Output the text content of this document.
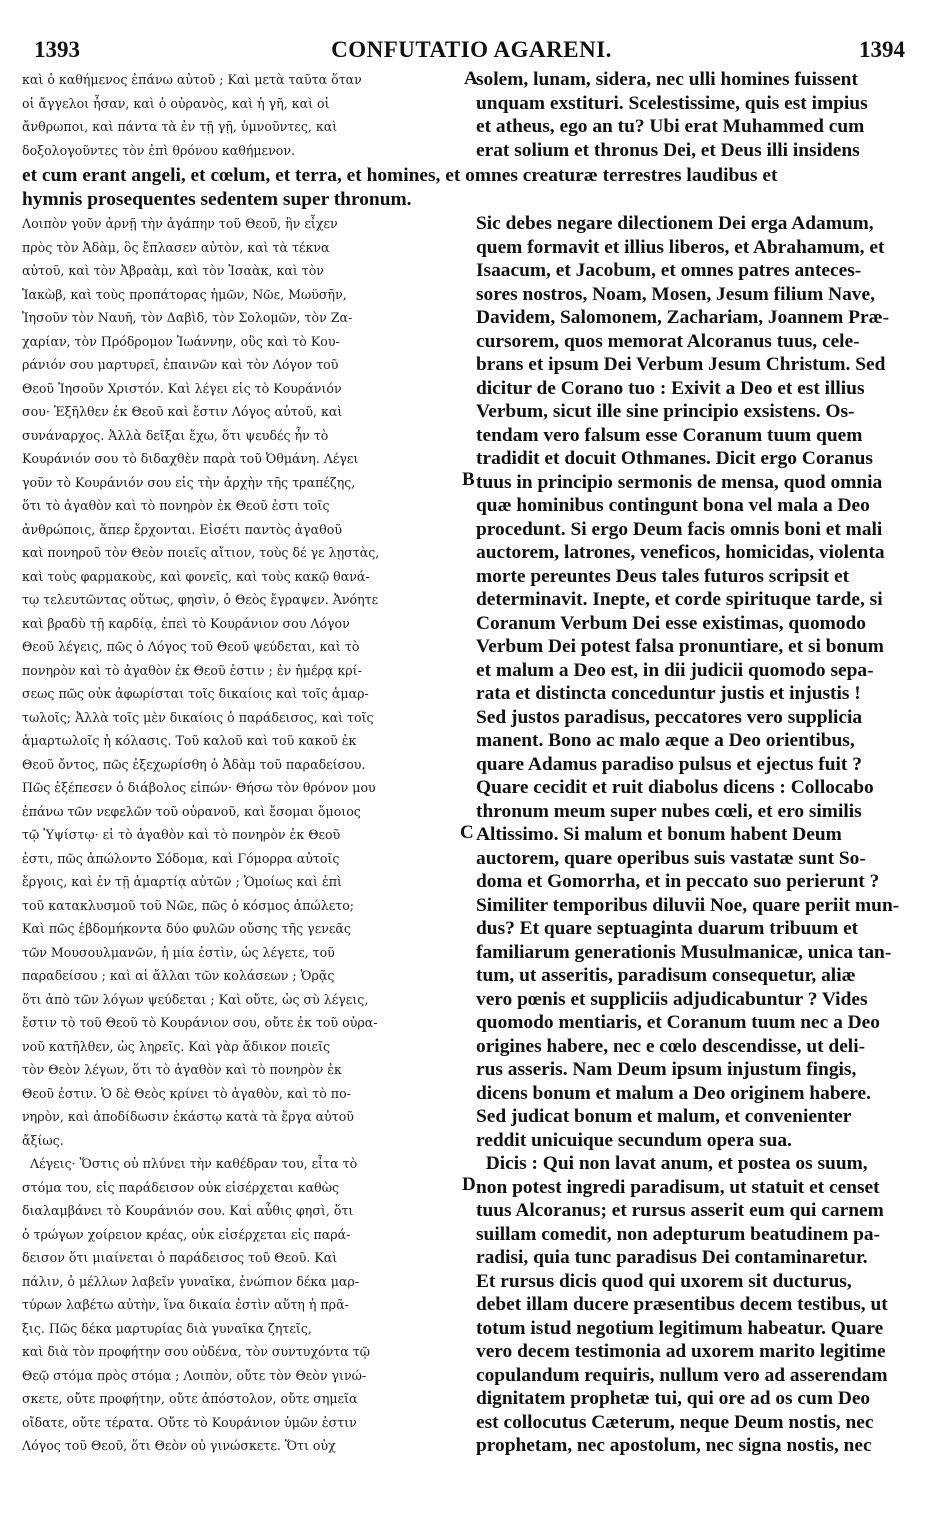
1393	CONFUTATIO AGARENI.	1394
καὶ ὁ καθήμενος ἐπάνω αὐτοῦ ; Καὶ μετὰ ταῦτα ὅταν
οἱ ἄγγελοι ἦσαν, καὶ ὁ οὐρανὸς, καὶ ἡ γῆ, καὶ οἱ
ἄνθρωποι, καὶ πάντα τὰ ἐν τῇ γῇ, ὑμνοῦντες, καὶ
δοξολογοῦντες τὸν ἐπὶ θρόνου καθήμενον.
solem, lunam, sidera, nec ulli homines fuissent
unquam exstituri. Scelestissime, quis est impius
et atheus, ego an tu? Ubi erat Muhammed cum
erat solium et thronus Dei, et Deus illi insidens
et cum erant angeli, et cœlum, et terra, et homines, et omnes creaturæ terrestres laudibus et
hymnis prosequentes sedentem super thronum.
Λοιπὸν γοῦν ἀρνῇ τὴν ἀγάπην τοῦ Θεοῦ, ἣν εἶχεν
πρὸς τὸν Ἀδὰμ, ὃς ἔπλασεν αὐτὸν, καὶ τὰ τέκνα
αὐτοῦ, καὶ τὸν Ἀβραὰμ, καὶ τὸν Ἰσαὰκ, καὶ τὸν
Ἰακὼβ, καὶ τοὺς προπάτορας ἡμῶν, Νῶε, Μωϋσῆν,
Ἰησοῦν τὸν Ναυῆ, τὸν Δαβὶδ, τὸν Σολομῶν, τὸν Ζα-
χαρίαν, τὸν Πρόδρομον Ἰωάννην, οὓς καὶ τὸ Κου-
ράνιόν σου μαρτυρεῖ, ἐπαινῶν καὶ τὸν Λόγον τοῦ
Θεοῦ Ἰησοῦν Χριστόν. Καὶ λέγει εἰς τὸ Κουράνιόν
σου· Ἐξῆλθεν ἐκ Θεοῦ καὶ ἔστιν Λόγος αὐτοῦ, καὶ
συνάναρχος. Ἀλλὰ δεῖξαι ἔχω, ὅτι ψευδές ἦν τὸ
Κουράνιόν σου τὸ διδαχθὲν παρὰ τοῦ Ὀθμάνη. Λέγει
γοῦν τὸ Κουράνιόν σου εἰς τὴν ἀρχὴν τῆς τραπέζης,
ὅτι τὸ ἀγαθὸν καὶ τὸ πονηρὸν ἐκ Θεοῦ ἐστι τοῖς
ἀνθρώποις, ἅπερ ἔρχονται. Εἰσέτι παντὸς ἀγαθοῦ
καὶ πονηροῦ τὸν Θεὸν ποιεῖς αἴτιον, τοὺς δέ γε λῃστὰς,
καὶ τοὺς φαρμακοὺς, καὶ φονεῖς, καὶ τοὺς κακῷ θανά-
τῳ τελευτῶντας οὕτως, φησὶν, ὁ Θεὸς ἔγραψεν. Ἀνόητε
καὶ βραδὺ τῇ καρδίᾳ, ἐπεὶ τὸ Κουράνιον σου Λόγον
Θεοῦ λέγεις, πῶς ὁ Λόγος τοῦ Θεοῦ ψεύδεται, καὶ τὸ
πονηρὸν καὶ τὸ ἀγαθὸν ἐκ Θεοῦ ἐστιν ; ἐν ἡμέρᾳ κρί-
σεως πῶς οὐκ ἀφωρίσται τοῖς δικαίοις καὶ τοῖς ἁμαρ-
τωλοῖς; Ἀλλὰ τοῖς μὲν δικαίοις ὁ παράδεισος, καὶ τοῖς
ἁμαρτωλοῖς ἡ κόλασις. Τοῦ καλοῦ καὶ τοῦ κακοῦ ἐκ
Θεοῦ ὄντος, πῶς ἐξεχωρίσθη ὁ Ἀδὰμ τοῦ παραδείσου.
Πῶς ἐξέπεσεν ὁ διάβολος εἰπών· Θήσω τὸν θρόνον μου
ἐπάνω τῶν νεφελῶν τοῦ οὐρανοῦ, καὶ ἔσομαι ὅμοιος
τῷ Ὑψίστῳ· εἰ τὸ ἀγαθὸν καὶ τὸ πονηρὸν ἐκ Θεοῦ
ἐστι, πῶς ἀπώλοντο Σόδομα, καὶ Γόμορρα αὐτοῖς
ἔργοις, καὶ ἐν τῇ ἁμαρτίᾳ αὐτῶν ; Ὁμοίως καὶ ἐπὶ
τοῦ κατακλυσμοῦ τοῦ Νῶε, πῶς ὁ κόσμος ἀπώλετο;
Καὶ πῶς ἑβδομήκοντα δύο φυλῶν οὔσης τῆς γενεᾶς
τῶν Μουσουλμανῶν, ἡ μία ἐστὶν, ὡς λέγετε, τοῦ
παραδείσου ; καὶ αἱ ἄλλαι τῶν κολάσεων ; Ὁρᾷς
ὅτι ἀπὸ τῶν λόγων ψεύδεται ; Καὶ οὔτε, ὡς σὺ λέγεις,
ἔστιν τὸ τοῦ Θεοῦ τὸ Κουράνιον σου, οὔτε ἐκ τοῦ οὐρα-
νοῦ κατῆλθεν, ὡς ληρεῖς. Καὶ γὰρ ἄδικον ποιεῖς
τὸν Θεὸν λέγων, ὅτι τὸ ἀγαθὸν καὶ τὸ πονηρὸν ἐκ
Θεοῦ ἐστιν. Ὁ δὲ Θεὸς κρίνει τὸ ἀγαθὸν, καὶ τὸ πο-
νηρὸν, καὶ ἀποδίδωσιν ἑκάστῳ κατὰ τὰ ἔργα αὐτοῦ
ἄξίως.
Λέγεις· Ὅστις οὐ πλύνει τὴν καθέδραν του, εἶτα τὸ
στόμα του, εἰς παράδεισον οὐκ εἰσέρχεται καθὼς
διαλαμβάνει τὸ Κουράνιόν σου. Καὶ αὖθις φησὶ, ὅτι
ὁ τρώγων χοίρειον κρέας, οὐκ εἰσέρχεται εἰς παρά-
δεισον ὅτι μιαίνεται ὁ παράδεισος τοῦ Θεοῦ. Καὶ
πάλιν, ὁ μέλλων λαβεῖν γυναῖκα, ἐνώπιον δέκα μαρ-
τύρων λαβέτω αὐτὴν, ἵνα δικαία ἐστὶν αὕτη ἡ πρᾶ-
ξις. Πῶς δέκα μαρτυρίας διὰ γυναῖκα ζητεῖς,
καὶ διὰ τὸν προφήτην σου οὐδένα, τὸν συντυχόντα τῷ
Θεῷ στόμα πρὸς στόμα ; Λοιπὸν, οὔτε τὸν Θεὸν γινώ-
σκετε, οὔτε προφήτην, οὔτε ἀπόστολον, οὔτε σημεῖα
οἴδατε, οὔτε τέρατα. Οὔτε τὸ Κουράνιον ὑμῶν ἐστιν
Λόγος τοῦ Θεοῦ, ὅτι Θεὸν οὐ γινώσκετε. Ὅτι οὐχ
Sic debes negare dilectionem Dei erga Adamum,
quem formavit et illius liberos, et Abrahamum, et
Isaacum, et Jacobum, et omnes patres anteces-
sores nostros, Noam, Mosen, Jesum filium Nave,
Davidem, Salomonem, Zachariam, Joannem Præ-
cursorem, quos memorat Alcoranus tuus, cele-
brans et ipsum Dei Verbum Jesum Christum. Sed
dicitur de Corano tuo : Exivit a Deo et est illius
Verbum, sicut ille sine principio exsistens. Os-
tendam vero falsum esse Coranum tuum quem
tradidit et docuit Othmanes. Dicit ergo Coranus
tuus in principio sermonis de mensa, quod omnia
quæ hominibus contingunt bona vel mala a Deo
procedunt. Si ergo Deum facis omnis boni et mali
auctorem, latrones, veneficos, homicidas, violenta
morte pereuntes Deus tales futuros scripsit et
determinavit. Inepte, et corde spirituque tarde, si
Coranum Verbum Dei esse existimas, quomodo
Verbum Dei potest falsa pronuntiare, et si bonum
et malum a Deo est, in dii judicii quomodo sepa-
rata et distincta conceduntur justis et injustis !
Sed justos paradisus, peccatores vero supplicia
manent. Bono ac malo æque a Deo orientibus,
quare Adamus paradiso pulsus et ejectus fuit ?
Quare cecidit et ruit diabolus dicens : Collocabo
thronum meum super nubes cœli, et ero similis
Altissimo. Si malum et bonum habent Deum
auctorem, quare operibus suis vastatæ sunt So-
doma et Gomorrha, et in peccato suo perierunt ?
Similiter temporibus diluvii Noe, quare periit mun-
dus? Et quare septuaginta duarum tribuum et
familiarum generationis Musulmanicæ, unica tan-
tum, ut asseritis, paradisum consequetur, aliæ
vero pœnis et suppliciis adjudicabuntur ? Vides
quomodo mentiaris, et Coranum tuum nec a Deo
origines habere, nec e cœlo descendisse, ut deli-
rus asseris. Nam Deum ipsum injustum fingis,
dicens bonum et malum a Deo originem habere.
Sed judicat bonum et malum, et convenienter
reddit unicuique secundum opera sua.
Dicis : Qui non lavat anum, et postea os suum,
non potest ingredi paradisum, ut statuit et censet
tuus Alcoranus; et rursus asserit eum qui carnem
suillam comedit, non adepturum beatudinem pa-
radisi, quia tunc paradisus Dei contaminaretur.
Et rursus dicis quod qui uxorem sit ducturus,
debet illam ducere præsentibus decem testibus, ut
totum istud negotium legitimum habeatur. Quare
vero decem testimonia ad uxorem marito legitime
copulandum requiris, nullum vero ad asserendam
dignitatem prophetæ tui, qui ore ad os cum Deo
est collocutus Cæterum, neque Deum nostis, nec
prophetam, nec apostolum, nec signa nostis, nec
A
B
C
D
